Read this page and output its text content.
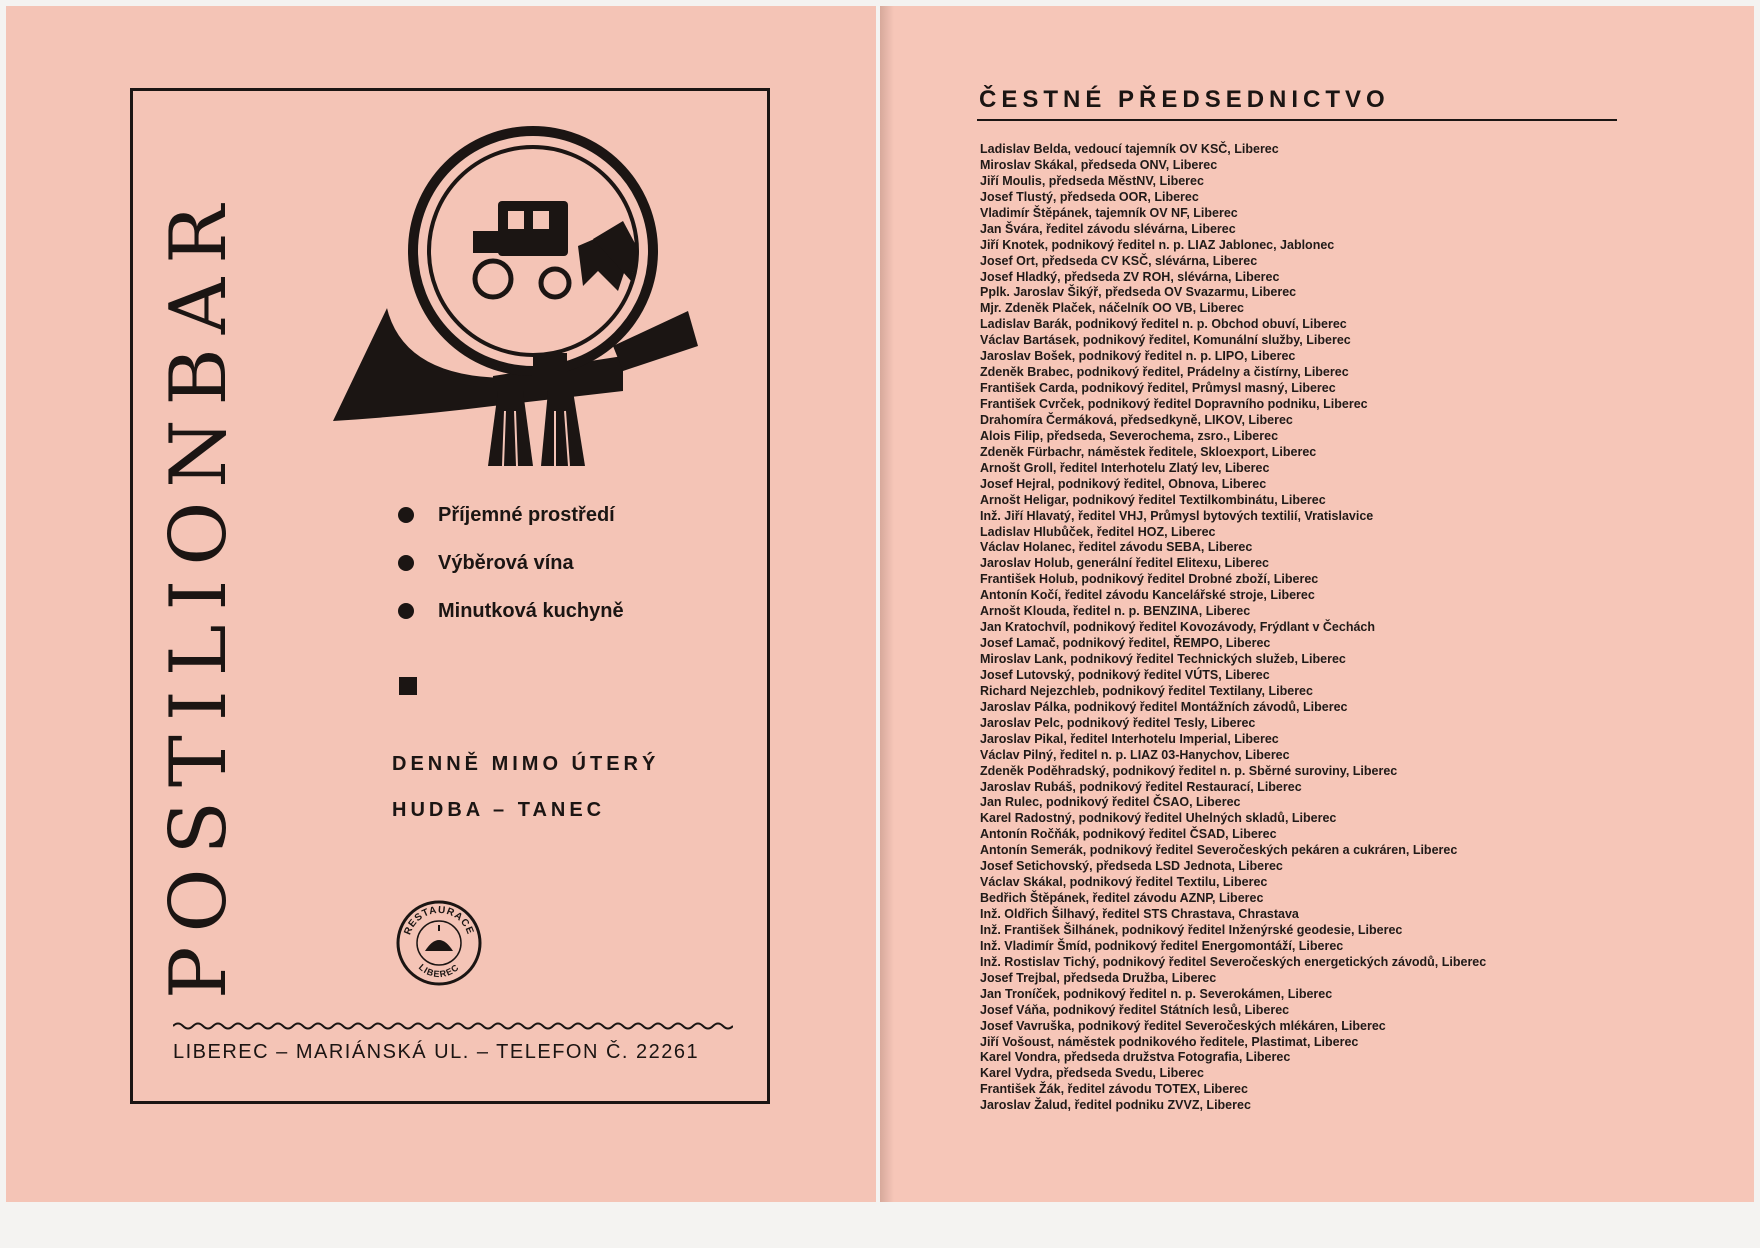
POSTILIONBAR	Příjemné prostředí
Výběrová vína
Minutková kuchyně
DENNĚ MIMO ÚTERÝ
HUDBA – TANEC
RESTAURACE
LIBEREC
LIBEREC – MARIÁNSKÁ UL. – TELEFON Č. 22261
ČESTNÉ PŘEDSEDNICTVO
Ladislav Belda, vedoucí tajemník OV KSČ, Liberec
Miroslav Skákal, předseda ONV, Liberec
Jiří Moulis, předseda MěstNV, Liberec
Josef Tlustý, předseda OOR, Liberec
Vladimír Štěpánek, tajemník OV NF, Liberec
Jan Švára, ředitel závodu slévárna, Liberec
Jiří Knotek, podnikový ředitel n. p. LIAZ Jablonec, Jablonec
Josef Ort, předseda CV KSČ, slévárna, Liberec
Josef Hladký, předseda ZV ROH, slévárna, Liberec
Pplk. Jaroslav Šikýř, předseda OV Svazarmu, Liberec
Mjr. Zdeněk Plaček, náčelník OO VB, Liberec
Ladislav Barák, podnikový ředitel n. p. Obchod obuví, Liberec
Václav Bartásek, podnikový ředitel, Komunální služby, Liberec
Jaroslav Bošek, podnikový ředitel n. p. LIPO, Liberec
Zdeněk Brabec, podnikový ředitel, Prádelny a čistírny, Liberec
František Carda, podnikový ředitel, Průmysl masný, Liberec
František Cvrček, podnikový ředitel Dopravního podniku, Liberec
Drahomíra Čermáková, předsedkyně, LIKOV, Liberec
Alois Filip, předseda, Severochema, zsro., Liberec
Zdeněk Fürbachr, náměstek ředitele, Skloexport, Liberec
Arnošt Groll, ředitel Interhotelu Zlatý lev, Liberec
Josef Hejral, podnikový ředitel, Obnova, Liberec
Arnošt Heligar, podnikový ředitel Textilkombinátu, Liberec
Inž. Jiří Hlavatý, ředitel VHJ, Průmysl bytových textilií, Vratislavice
Ladislav Hlubůček, ředitel HOZ, Liberec
Václav Holanec, ředitel závodu SEBA, Liberec
Jaroslav Holub, generální ředitel Elitexu, Liberec
František Holub, podnikový ředitel Drobné zboží, Liberec
Antonín Kočí, ředitel závodu Kancelářské stroje, Liberec
Arnošt Klouda, ředitel n. p. BENZINA, Liberec
Jan Kratochvíl, podnikový ředitel Kovozávody, Frýdlant v Čechách
Josef Lamač, podnikový ředitel, ŘEMPO, Liberec
Miroslav Lank, podnikový ředitel Technických služeb, Liberec
Josef Lutovský, podnikový ředitel VÚTS, Liberec
Richard Nejezchleb, podnikový ředitel Textilany, Liberec
Jaroslav Pálka, podnikový ředitel Montážních závodů, Liberec
Jaroslav Pelc, podnikový ředitel Tesly, Liberec
Jaroslav Pikal, ředitel Interhotelu Imperial, Liberec
Václav Pilný, ředitel n. p. LIAZ 03-Hanychov, Liberec
Zdeněk Poděhradský, podnikový ředitel n. p. Sběrné suroviny, Liberec
Jaroslav Rubáš, podnikový ředitel Restaurací, Liberec
Jan Rulec, podnikový ředitel ČSAO, Liberec
Karel Radostný, podnikový ředitel Uhelných skladů, Liberec
Antonín Ročňák, podnikový ředitel ČSAD, Liberec
Antonín Semerák, podnikový ředitel Severočeských pekáren a cukráren, Liberec
Josef Setichovský, předseda LSD Jednota, Liberec
Václav Skákal, podnikový ředitel Textilu, Liberec
Bedřich Štěpánek, ředitel závodu AZNP, Liberec
Inž. Oldřich Šilhavý, ředitel STS Chrastava, Chrastava
Inž. František Šilhánek, podnikový ředitel Inženýrské geodesie, Liberec
Inž. Vladimír Šmíd, podnikový ředitel Energomontáží, Liberec
Inž. Rostislav Tichý, podnikový ředitel Severočeských energetických závodů, Liberec
Josef Trejbal, předseda Družba, Liberec
Jan Troníček, podnikový ředitel n. p. Severokámen, Liberec
Josef Váňa, podnikový ředitel Státních lesů, Liberec
Josef Vavruška, podnikový ředitel Severočeských mlékáren, Liberec
Jiří Vošoust, náměstek podnikového ředitele, Plastimat, Liberec
Karel Vondra, předseda družstva Fotografia, Liberec
Karel Vydra, předseda Svedu, Liberec
František Žák, ředitel závodu TOTEX, Liberec
Jaroslav Žalud, ředitel podniku ZVVZ, Liberec
